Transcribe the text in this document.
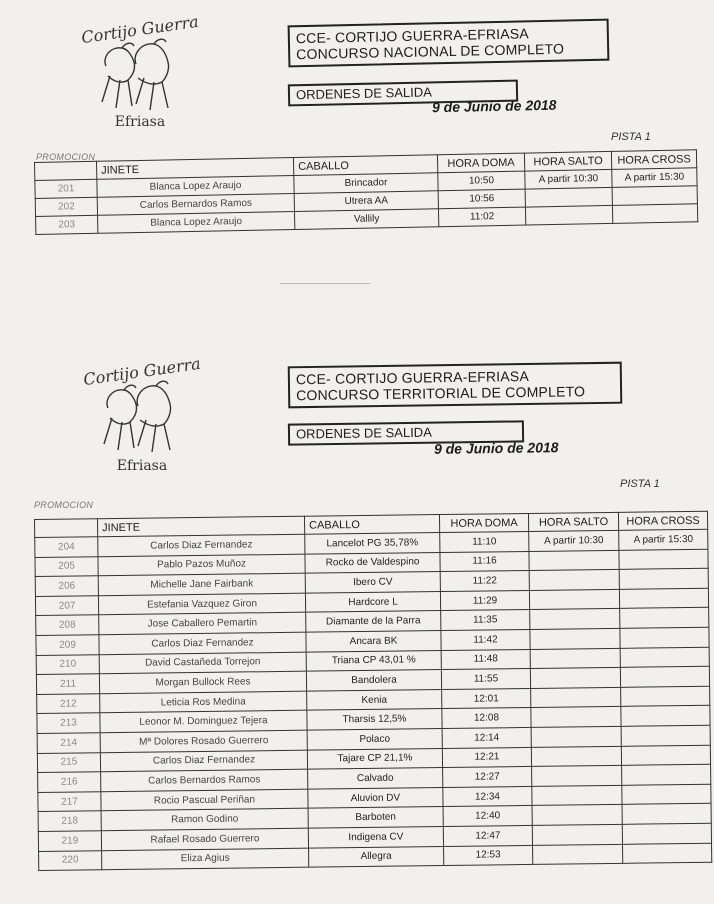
Cortijo Guerra
Efriasa
CCE- CORTIJO GUERRA-EFRIASA
CONCURSO NACIONAL DE COMPLETO
ORDENES DE SALIDA
9 de Junio de 2018
PISTA 1
PROMOCION
	JINETE	CABALLO	HORA DOMA	HORA SALTO	HORA CROSS
201	Blanca Lopez Araujo	Brincador	10:50	A partir 10:30	A partir 15:30
202	Carlos Bernardos Ramos	Utrera AA	10:56		
203	Blanca Lopez Araujo	Vallily	11:02		
Cortijo Guerra
Efriasa
CCE- CORTIJO GUERRA-EFRIASA
CONCURSO TERRITORIAL DE COMPLETO
ORDENES DE SALIDA
9 de Junio de 2018
PISTA 1
PROMOCION
	JINETE	CABALLO	HORA DOMA	HORA SALTO	HORA CROSS
204	Carlos Diaz Fernandez	Lancelot PG 35,78%	11:10	A partir 10:30	A partir 15:30
205	Pablo Pazos Muñoz	Rocko de Valdespino	11:16		
206	Michelle Jane Fairbank	Ibero CV	11:22		
207	Estefania Vazquez Giron	Hardcore L	11:29		
208	Jose Caballero Pemartin	Diamante de la Parra	11:35		
209	Carlos Diaz Fernandez	Ancara BK	11:42		
210	David Castañeda Torrejon	Triana CP 43,01 %	11:48		
211	Morgan Bullock Rees	Bandolera	11:55		
212	Leticia Ros Medina	Kenia	12:01		
213	Leonor M. Dominguez Tejera	Tharsis 12,5%	12:08		
214	Mª Dolores Rosado Guerrero	Polaco	12:14		
215	Carlos Diaz Fernandez	Tajare CP 21,1%	12:21		
216	Carlos Bernardos Ramos	Calvado	12:27		
217	Rocio Pascual Periñan	Aluvion DV	12:34		
218	Ramon Godino	Barboten	12:40		
219	Rafael Rosado Guerrero	Indigena CV	12:47		
220	Eliza Agius	Allegra	12:53		
